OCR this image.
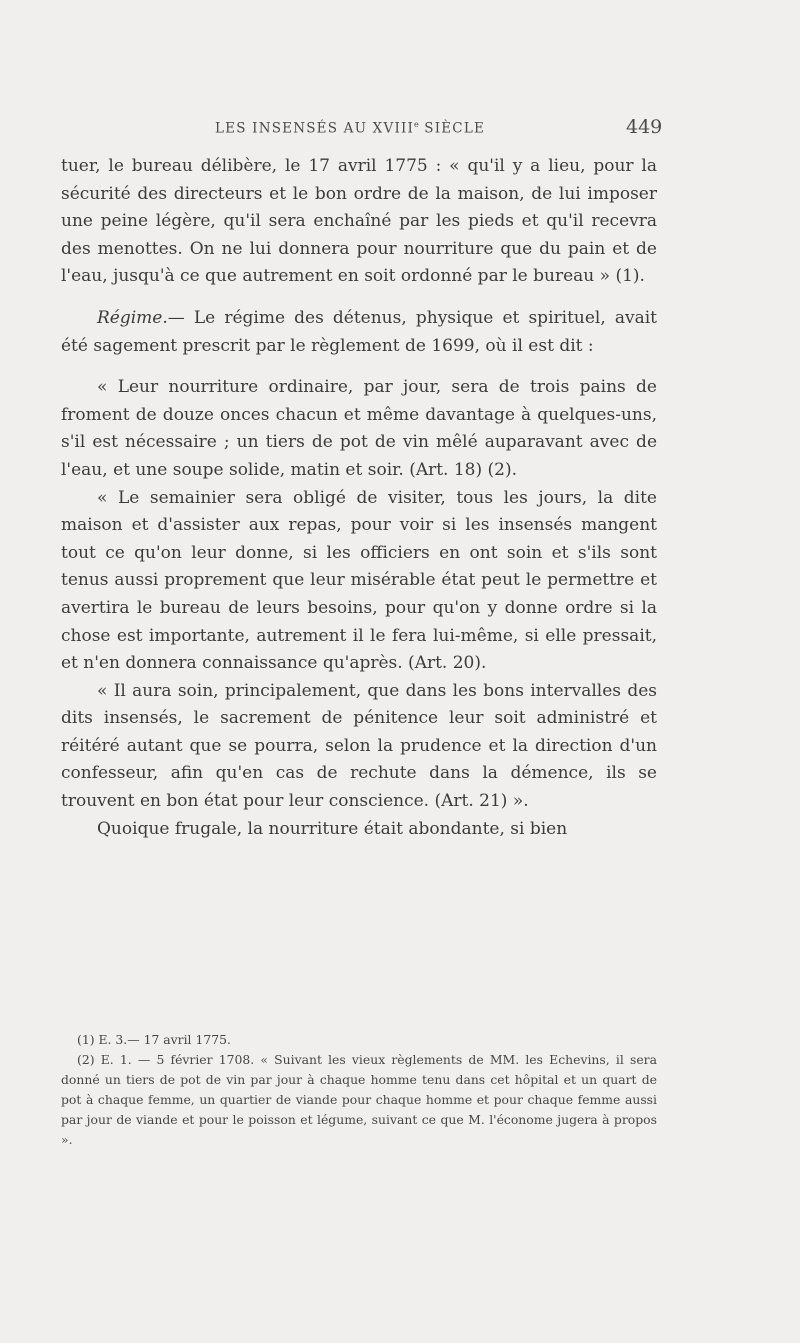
LES INSENSÉS AU XVIIIe SIÈCLE	449

tuer, le bureau délibère, le 17 avril 1775 : « qu'il y a lieu, pour la sécurité des directeurs et le bon ordre de la maison, de lui imposer une peine légère, qu'il sera enchaîné par les pieds et qu'il recevra des menottes. On ne lui donnera pour nourriture que du pain et de l'eau, jusqu'à ce que autrement en soit ordonné par le bureau » (1).

Régime.— Le régime des détenus, physique et spirituel, avait été sagement prescrit par le règlement de 1699, où il est dit :

« Leur nourriture ordinaire, par jour, sera de trois pains de froment de douze onces chacun et même davantage à quelques-uns, s'il est nécessaire ; un tiers de pot de vin mêlé auparavant avec de l'eau, et une soupe solide, matin et soir. (Art. 18) (2).

« Le semainier sera obligé de visiter, tous les jours, la dite maison et d'assister aux repas, pour voir si les insensés mangent tout ce qu'on leur donne, si les officiers en ont soin et s'ils sont tenus aussi proprement que leur misérable état peut le permettre et avertira le bureau de leurs besoins, pour qu'on y donne ordre si la chose est importante, autrement il le fera lui-même, si elle pressait, et n'en donnera connaissance qu'après. (Art. 20).

« Il aura soin, principalement, que dans les bons intervalles des dits insensés, le sacrement de pénitence leur soit administré et réitéré autant que se pourra, selon la prudence et la direction d'un confesseur, afin qu'en cas de rechute dans la démence, ils se trouvent en bon état pour leur conscience. (Art. 21) ».

Quoique frugale, la nourriture était abondante, si bien

(1) E. 3.— 17 avril 1775.

(2) E. 1. — 5 février 1708. « Suivant les vieux règlements de MM. les Echevins, il sera donné un tiers de pot de vin par jour à chaque homme tenu dans cet hôpital et un quart de pot à chaque femme, un quartier de viande pour chaque homme et pour chaque femme aussi par jour de viande et pour le poisson et légume, suivant ce que M. l'économe jugera à propos ».
